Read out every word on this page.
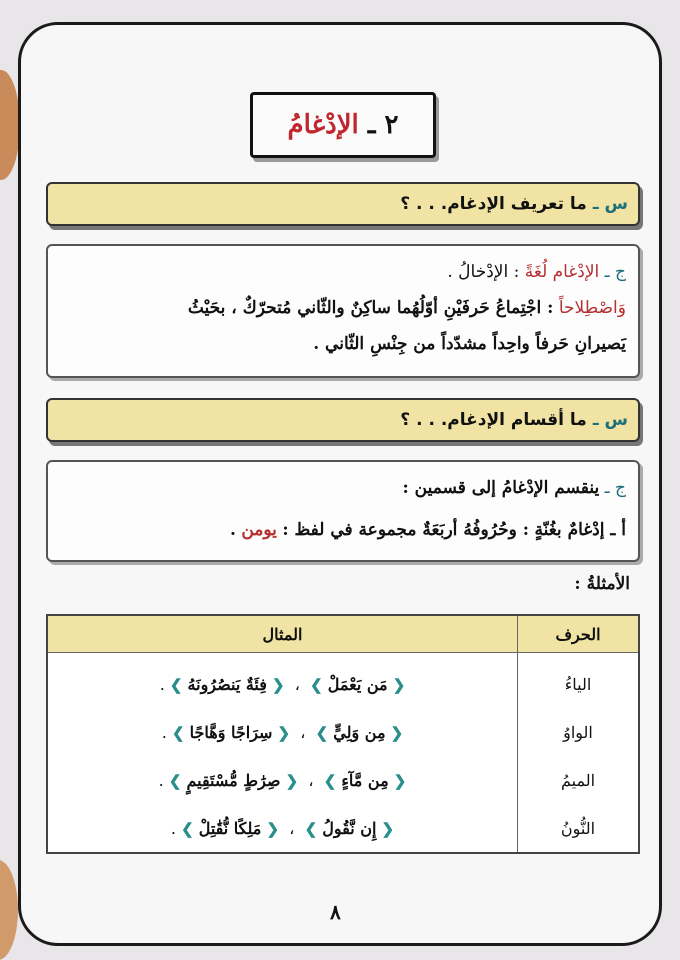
٢ ـ

الإدْغامُ
س ـ
ما تعريف الإدغام. . . ؟
ج ـ الإدْغام لُغَةً : الإدْخالُ .
وَاصْطِلاحاً : اجْتِماعُ حَرفَيْنِ أوّلُهُما ساكِنٌ والثّاني مُتحرّكٌ ، بحَيْثُ
يَصيرانِ حَرفاً واحِداً مشدّداً من جِنْسِ الثّاني .
س ـ
ما أقسام الإدغام. . . ؟
ج ـ ينقسم الإدْغامُ إلى قسمين :
أ ـ إدْغامٌ بغُنّةٍ : وحُرُوفُهُ أربَعَةٌ مجموعة في لفظ : يومن .
الأمثلةُ :
الحرف	المثال
الياءُ	❮ مَن يَعْمَلْ ❯  ،  ❮ فِئَةٌ يَنصُرُونَهُ ❯ .
الواوُ	❮ مِن وَلِيٍّ ❯  ،  ❮ سِرَاجًا وَهَّاجًا ❯ .
الميمُ	❮ مِن مَّآءٍ ❯  ،  ❮ صِرَٰطٍ مُّسْتَقِيمٍ ❯ .
النُّونُ	❮ إِن نَّقُولُ ❯  ،  ❮ مَلِكًا نُّقَٰتِلْ ❯ .
٨
